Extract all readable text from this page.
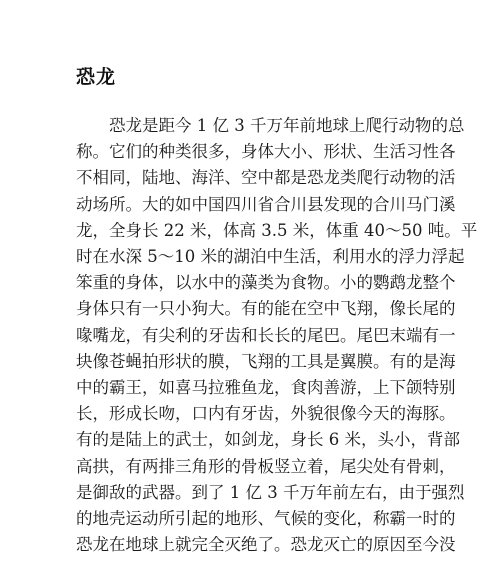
恐龙
　　恐龙是距今 1 亿 3 千万年前地球上爬行动物的总
称。它们的种类很多，身体大小、形状、生活习性各
不相同，陆地、海洋、空中都是恐龙类爬行动物的活
动场所。大的如中国四川省合川县发现的合川马门溪
龙，全身长 22 米，体高 3.5 米，体重 40～50 吨。平
时在水深 5～10 米的湖泊中生活，利用水的浮力浮起
笨重的身体，以水中的藻类为食物。小的鹦鹉龙整个
身体只有一只小狗大。有的能在空中飞翔，像长尾的
喙嘴龙，有尖利的牙齿和长长的尾巴。尾巴末端有一
块像苍蝇拍形状的膜，飞翔的工具是翼膜。有的是海
中的霸王，如喜马拉雅鱼龙，食肉善游，上下颌特别
长，形成长吻，口内有牙齿，外貌很像今天的海豚。
有的是陆上的武士，如剑龙，身长 6 米，头小，背部
高拱，有两排三角形的骨板竖立着，尾尖处有骨刺，
是御敌的武器。到了 1 亿 3 千万年前左右，由于强烈
的地壳运动所引起的地形、气候的变化，称霸一时的
恐龙在地球上就完全灭绝了。恐龙灭亡的原因至今没
